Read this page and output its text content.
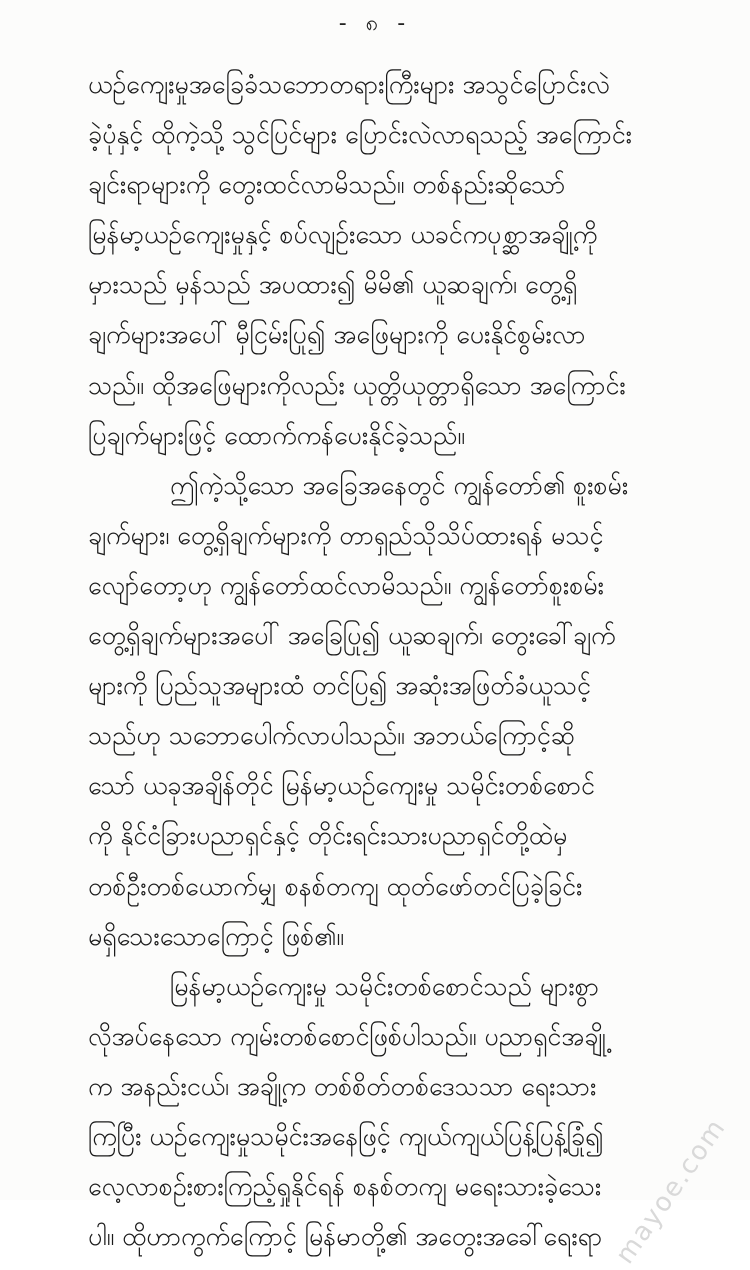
- ၈ -
ယဉ်ကျေးမှုအခြေခံသဘောတရားကြီးများ အသွင်ပြောင်းလဲ
ခဲ့ပုံနှင့် ထိုကဲ့သို့ သွင်ပြင်များ ပြောင်းလဲလာရသည့် အကြောင်း
ချင်းရာများကို တွေးထင်လာမိသည်။ တစ်နည်းဆိုသော်
မြန်မာ့ယဉ်ကျေးမှုနှင့် စပ်လျဉ်းသော ယခင်ကပုစ္ဆာအချို့ကို
မှားသည် မှန်သည် အပထား၍ မိမိ၏ ယူဆချက်၊ တွေ့ရှိ
ချက်များအပေါ် မှီငြမ်းပြု၍ အဖြေများကို ပေးနိုင်စွမ်းလာ
သည်။ ထိုအဖြေများကိုလည်း ယုတ္တိယုတ္တာရှိသော အကြောင်း
ပြချက်များဖြင့် ထောက်ကန်ပေးနိုင်ခဲ့သည်။
ဤကဲ့သို့သော အခြေအနေတွင် ကျွန်တော်၏ စူးစမ်း
ချက်များ၊ တွေ့ရှိချက်များကို တာရှည်သိုသိပ်ထားရန် မသင့်
လျော်တော့ဟု ကျွန်တော်ထင်လာမိသည်။ ကျွန်တော်စူးစမ်း
တွေ့ရှိချက်များအပေါ် အခြေပြု၍ ယူဆချက်၊ တွေးခေါ်ချက်
များကို ပြည်သူအများထံ တင်ပြ၍ အဆုံးအဖြတ်ခံယူသင့်
သည်ဟု သဘောပေါက်လာပါသည်။ အဘယ်ကြောင့်ဆို
သော် ယခုအချိန်တိုင် မြန်မာ့ယဉ်ကျေးမှု သမိုင်းတစ်စောင်
ကို နိုင်ငံခြားပညာရှင်နှင့် တိုင်းရင်းသားပညာရှင်တို့ထဲမှ
တစ်ဦးတစ်ယောက်မျှ စနစ်တကျ ထုတ်ဖော်တင်ပြခဲ့ခြင်း
မရှိသေးသောကြောင့် ဖြစ်၏။
မြန်မာ့ယဉ်ကျေးမှု သမိုင်းတစ်စောင်သည် များစွာ
လိုအပ်နေသော ကျမ်းတစ်စောင်ဖြစ်ပါသည်။ ပညာရှင်အချို့
က အနည်းငယ်၊ အချို့က တစ်စိတ်တစ်ဒေသသာ ရေးသား
ကြပြီး ယဉ်ကျေးမှုသမိုင်းအနေဖြင့် ကျယ်ကျယ်ပြန့်ပြန့်ခြုံ၍
လေ့လာစဉ်းစားကြည့်ရှုနိုင်ရန် စနစ်တကျ မရေးသားခဲ့သေး
ပါ။ ထိုဟာကွက်ကြောင့် မြန်မာတို့၏ အတွေးအခေါ်ရေးရာ mayoe.com
